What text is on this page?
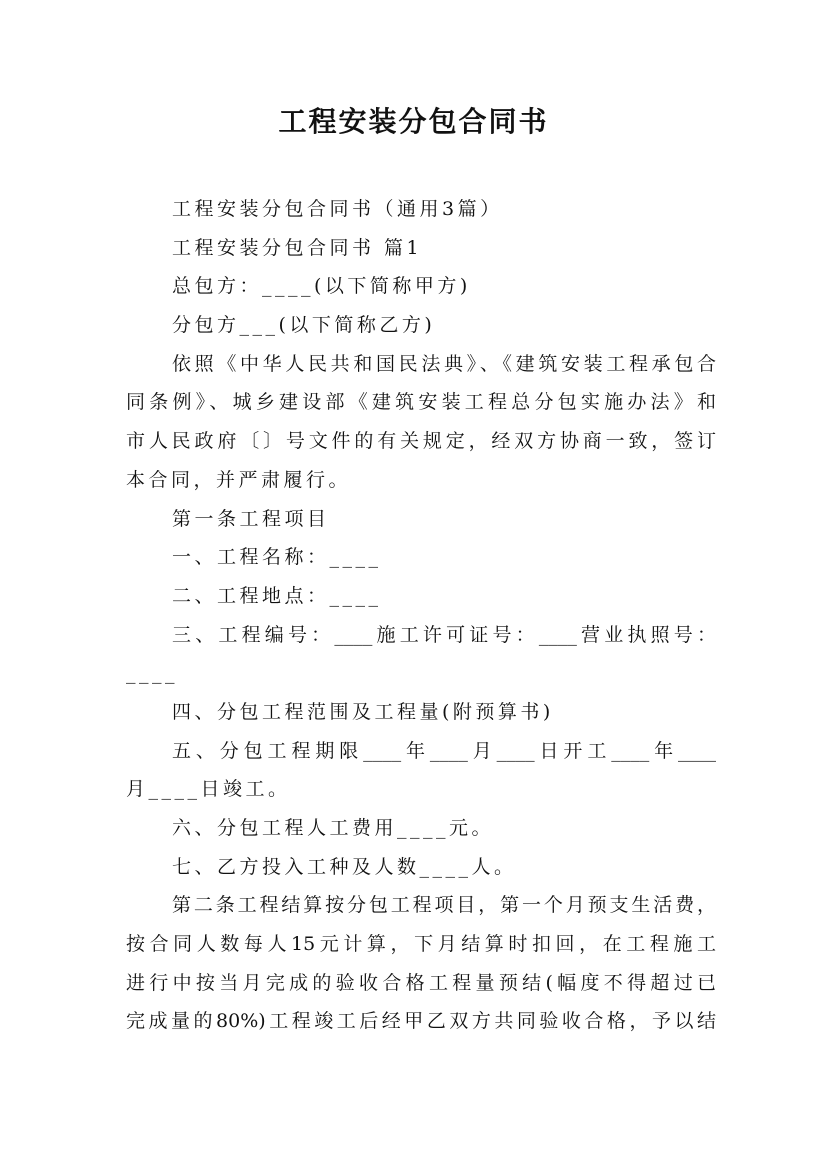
工程安装分包合同书
工程安装分包合同书（通用3篇）
工程安装分包合同书 篇1
总包方：____(以下简称甲方)
分包方___(以下简称乙方)
依照《中华人民共和国民法典》、《建筑安装工程承包合
同条例》、城乡建设部《建筑安装工程总分包实施办法》和
市人民政府〔〕号文件的有关规定，经双方协商一致，签订
本合同，并严肃履行。
第一条工程项目
一、工程名称：____
二、工程地点：____
三、工程编号：____施工许可证号：____营业执照号：
____
四、分包工程范围及工程量(附预算书)
五、分包工程期限____年____月____日开工____年____
月____日竣工。
六、分包工程人工费用____元。
七、乙方投入工种及人数____人。
第二条工程结算按分包工程项目，第一个月预支生活费，
按合同人数每人15元计算，下月结算时扣回，在工程施工
进行中按当月完成的验收合格工程量预结(幅度不得超过已
完成量的80%)工程竣工后经甲乙双方共同验收合格，予以结
